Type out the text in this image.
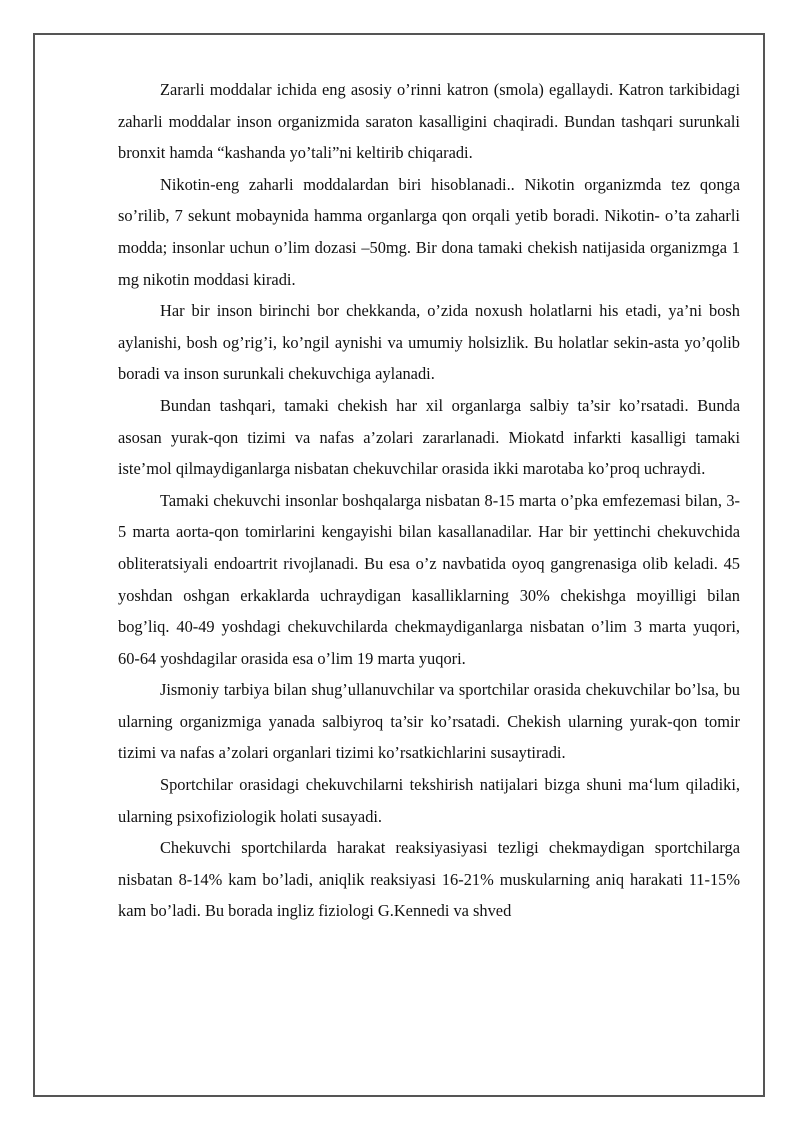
Zararli moddalar ichida eng asosiy o’rinni katron (smola) egallaydi. Katron tarkibidagi zaharli moddalar inson organizmida saraton kasalligini chaqiradi. Bundan tashqari surunkali bronxit hamda “kashanda yo’tali”ni keltirib chiqaradi.

Nikotin-eng zaharli moddalardan biri hisoblanadi.. Nikotin organizmda tez qonga so’rilib, 7 sekunt mobaynida hamma organlarga qon orqali yetib boradi. Nikotin- o’ta zaharli modda; insonlar uchun o’lim dozasi –50mg. Bir dona tamaki chekish natijasida organizmga 1 mg nikotin moddasi kiradi.

Har bir inson birinchi bor chekkanda, o’zida noxush holatlarni his etadi, ya’ni bosh aylanishi, bosh og’rig’i, ko’ngil aynishi va umumiy holsizlik. Bu holatlar sekin-asta yo’qolib boradi va inson surunkali chekuvchiga aylanadi.

Bundan tashqari, tamaki chekish har xil organlarga salbiy ta’sir ko’rsatadi. Bunda asosan yurak-qon tizimi va nafas a’zolari zararlanadi. Miokatd infarkti kasalligi tamaki iste’mol qilmaydiganlarga nisbatan chekuvchilar orasida ikki marotaba ko’proq uchraydi.

Tamaki chekuvchi insonlar boshqalarga nisbatan 8-15 marta o’pka emfezemasi bilan, 3-5 marta aorta-qon tomirlarini kengayishi bilan kasallanadilar. Har bir yettinchi chekuvchida obliteratsiyali endoartrit rivojlanadi. Bu esa o’z navbatida oyoq gangrenasiga olib keladi. 45 yoshdan oshgan erkaklarda uchraydigan kasalliklarning 30% chekishga moyilligi bilan bog’liq. 40-49 yoshdagi chekuvchilarda chekmaydiganlarga nisbatan o’lim 3 marta yuqori, 60-64 yoshdagilar orasida esa o’lim 19 marta yuqori.

Jismoniy tarbiya bilan shug’ullanuvchilar va sportchilar orasida chekuvchilar bo’lsa, bu ularning organizmiga yanada salbiyroq ta’sir ko’rsatadi. Chekish ularning yurak-qon tomir tizimi va nafas a’zolari organlari tizimi ko’rsatkichlarini susaytiradi.

Sportchilar orasidagi chekuvchilarni tekshirish natijalari bizga shuni ma‘lum qiladiki, ularning psixofiziologik holati susayadi.

Chekuvchi sportchilarda harakat reaksiyasiyasi tezligi chekmaydigan sportchilarga nisbatan 8-14% kam bo’ladi, aniqlik reaksiyasi 16-21% muskularning aniq harakati 11-15% kam bo’ladi. Bu borada ingliz fiziologi G.Kennedi va shved
